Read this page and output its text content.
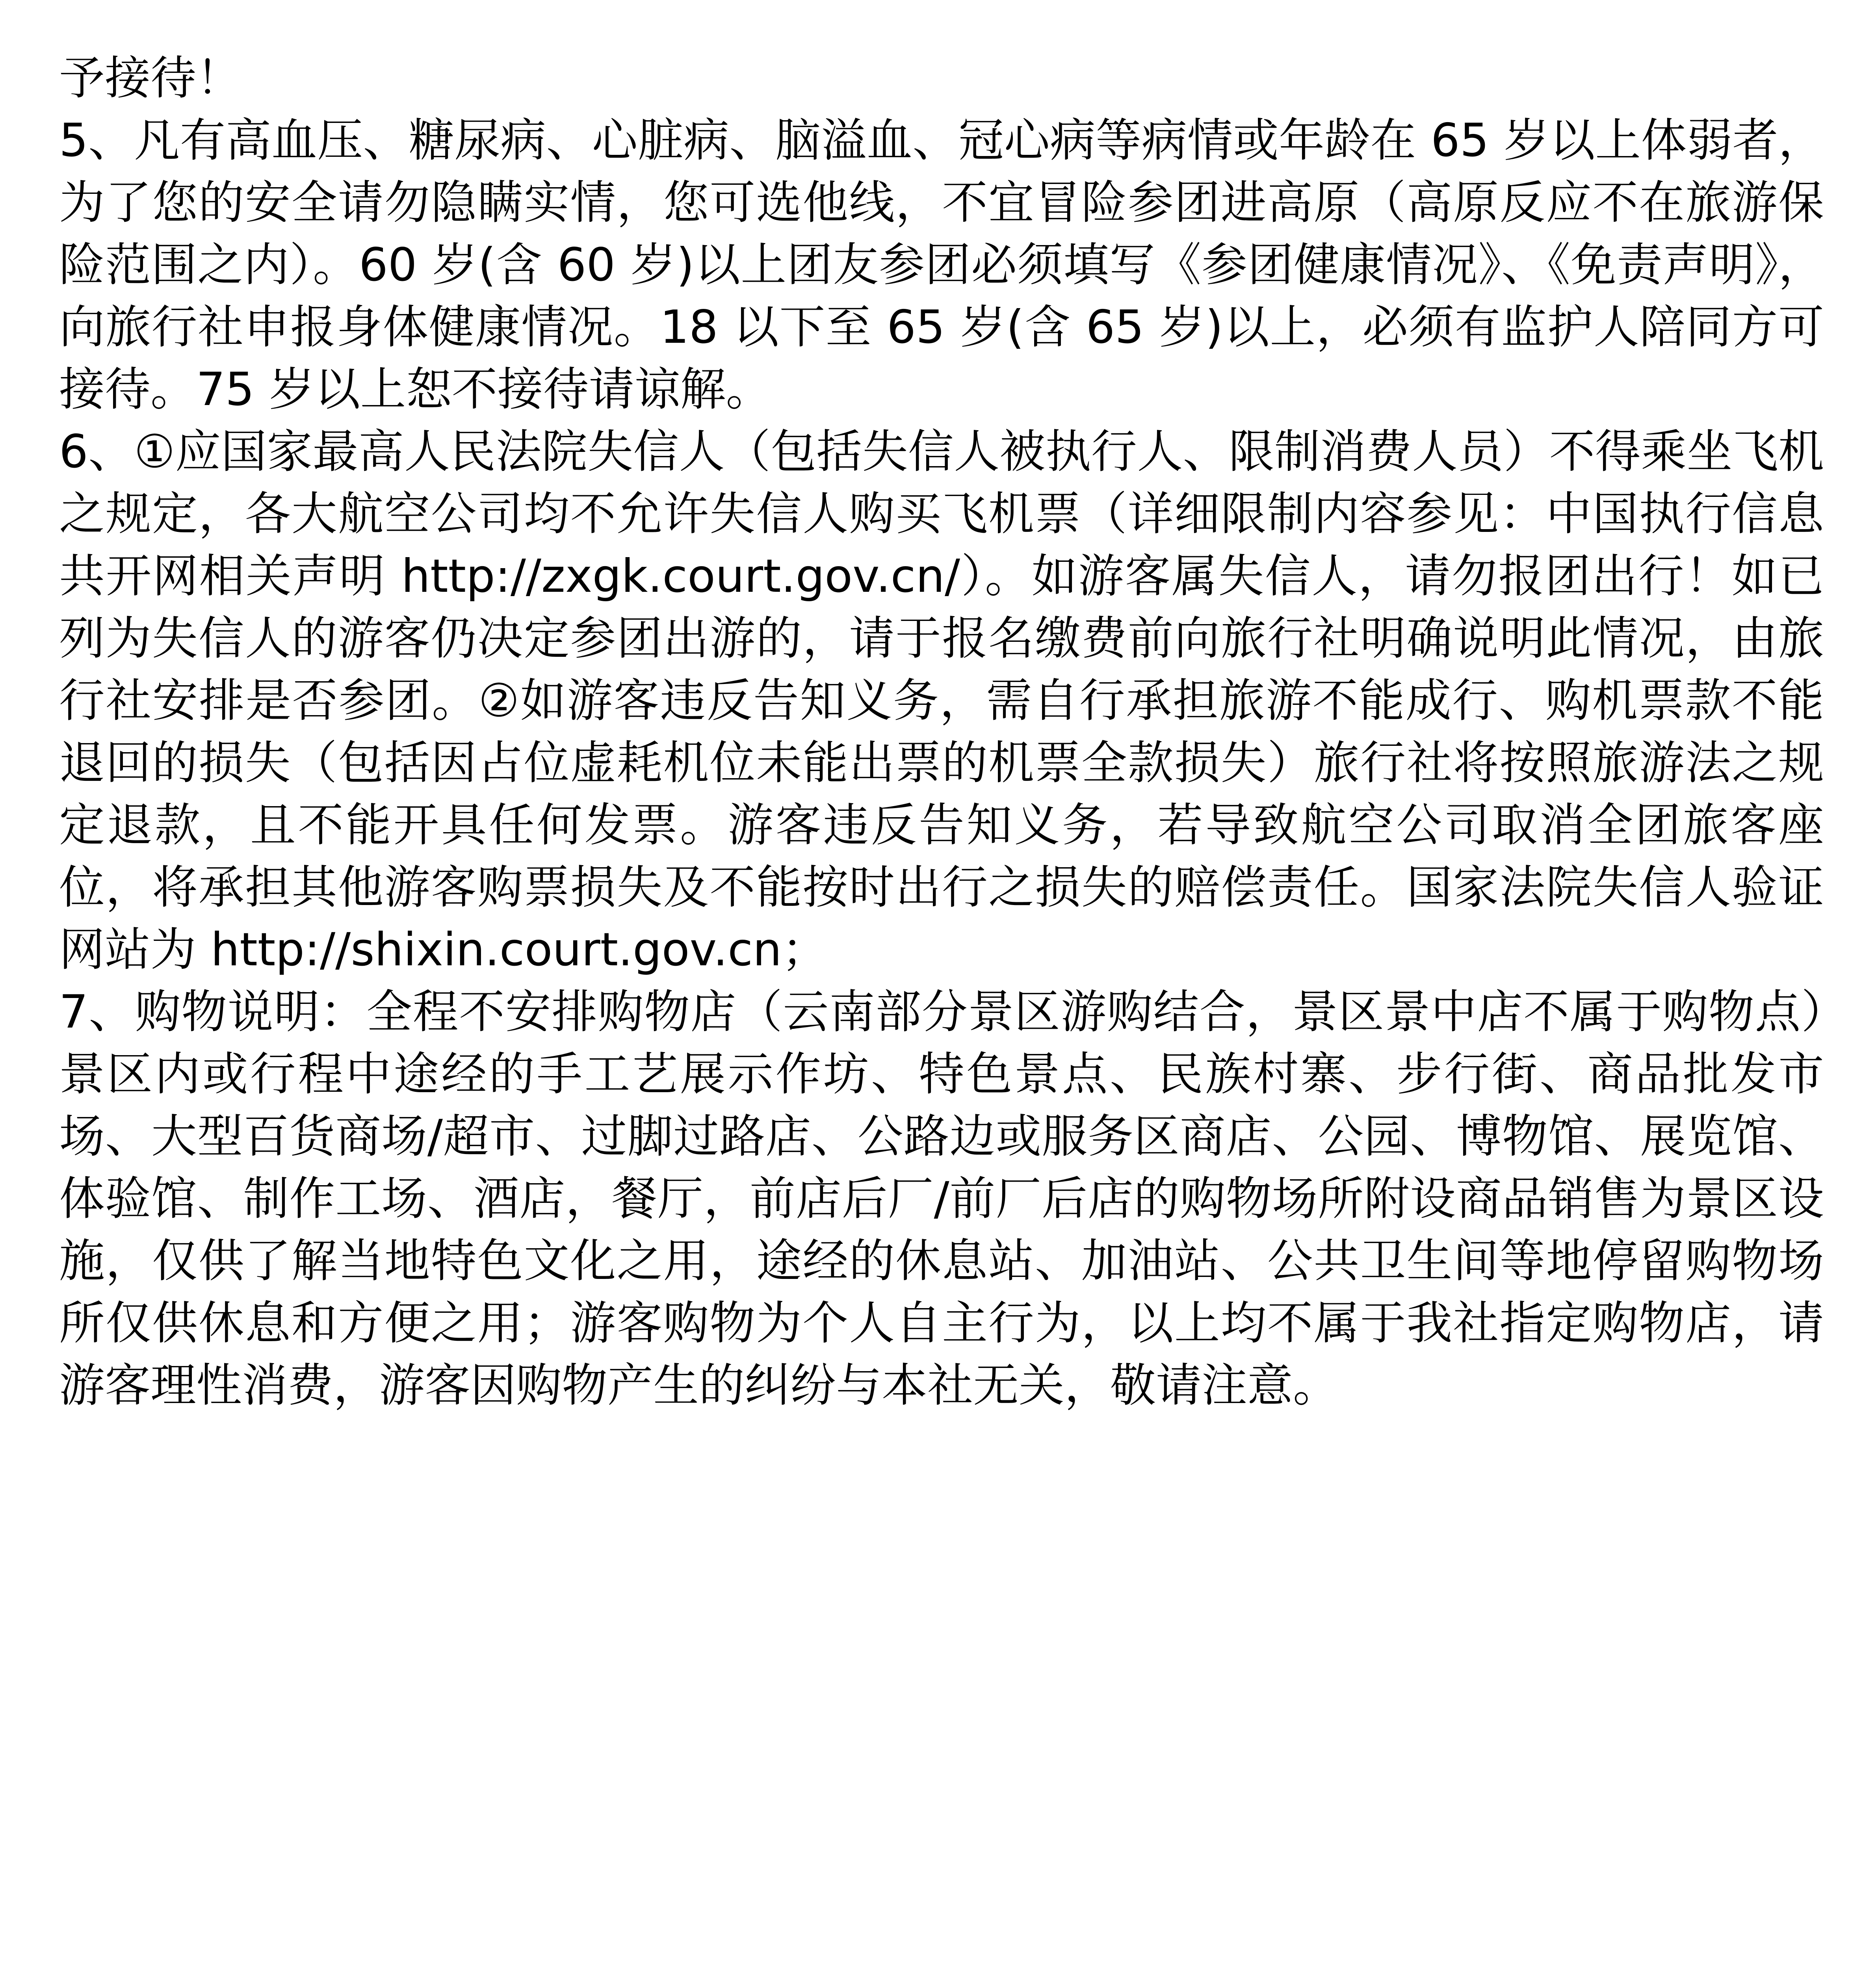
予接待！

5、凡有高血压、糖尿病、心脏病、脑溢血、冠心病等病情或年龄在 65 岁以上体弱者，为了您的安全请勿隐瞒实情，您可选他线，不宜冒险参团进高原（高原反应不在旅游保险范围之内）。60 岁(含 60 岁)以上团友参团必须填写《参团健康情况》、《免责声明》，向旅行社申报身体健康情况。18 以下至 65 岁(含 65 岁)以上，必须有监护人陪同方可接待。75 岁以上恕不接待请谅解。

6、①应国家最高人民法院失信人（包括失信人被执行人、限制消费人员）不得乘坐飞机之规定，各大航空公司均不允许失信人购买飞机票（详细限制内容参见：中国执行信息共开网相关声明 http://zxgk.court.gov.cn/）。如游客属失信人，请勿报团出行！如已列为失信人的游客仍决定参团出游的，请于报名缴费前向旅行社明确说明此情况，由旅行社安排是否参团。②如游客违反告知义务，需自行承担旅游不能成行、购机票款不能退回的损失（包括因占位虚耗机位未能出票的机票全款损失）旅行社将按照旅游法之规定退款，且不能开具任何发票。游客违反告知义务，若导致航空公司取消全团旅客座位，将承担其他游客购票损失及不能按时出行之损失的赔偿责任。国家法院失信人验证网站为 http://shixin.court.gov.cn；

7、购物说明：全程不安排购物店（云南部分景区游购结合，景区景中店不属于购物点）景区内或行程中途经的手工艺展示作坊、特色景点、民族村寨、步行街、商品批发市场、大型百货商场/超市、过脚过路店、公路边或服务区商店、公园、博物馆、展览馆、体验馆、制作工场、酒店，餐厅，前店后厂/前厂后店的购物场所附设商品销售为景区设施，仅供了解当地特色文化之用，途经的休息站、加油站、公共卫生间等地停留购物场所仅供休息和方便之用；游客购物为个人自主行为，以上均不属于我社指定购物店，请游客理性消费，游客因购物产生的纠纷与本社无关，敬请注意。
